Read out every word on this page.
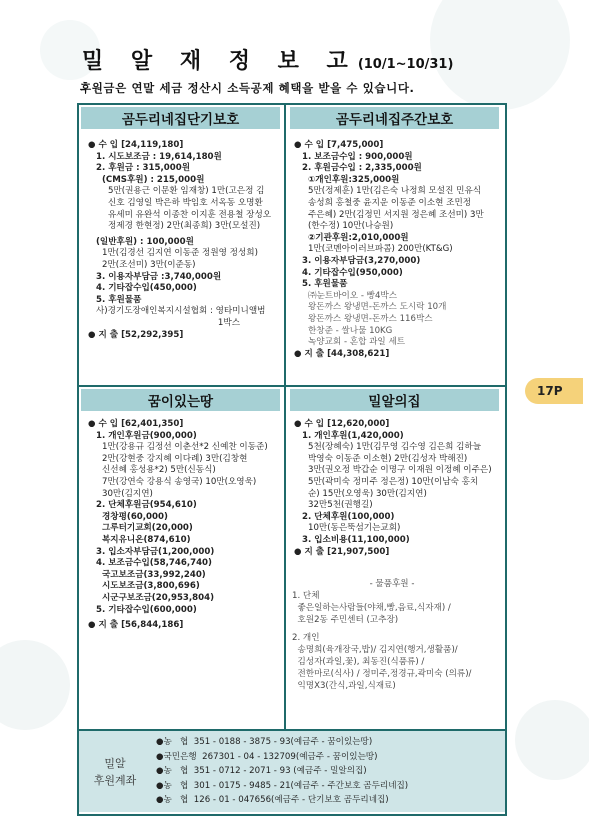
밀 알 재 정 보 고(10/1~10/31)
후원금은 연말 세금 정산시 소득공제 혜택을 받을 수 있습니다.
곰두리네집단기보호	곰두리네집주간보호
꿈이있는땅	밀알의집
● 수 입 [24,119,180]
1. 시도보조금 : 19,614,180원
2. 후원금 : 315,000원
(CMS후원) : 215,000원
5만(권용근 이문환 임재창) 1만(고은정 김
신호 김영일 박은하 박임호 서옥동 오명환
유세미 유완석 이종찬 이지훈 전용철 장성오
정제경 한현정) 2만(최종희) 3만(모설진)
(일반후원) : 100,000원
1만(김경선 김지연 이동준 정원영 정성희)
2만(조선미) 3만(이준동)
3. 이용자부담금 :3,740,000원
4. 기타잡수입(450,000)
5. 후원물품
사)경기도장애인복지시설협회 : 영타미니앨범
1박스
● 지 출 [52,292,395]
● 수 입 [7,475,000]
1. 보조금수입 : 900,000원
2. 후원금수입 : 2,335,000원
①개인후원:325,000원
5만(정제훈) 1만(김은숙 나정희 모설진 민유식
송성희 홍철중 윤지운 이동준 이소현 조민정
주은혜) 2만(김정민 서지원 정은혜 조선미) 3만
(한수정) 10만(나승원)
②기관후원:2,010,000원
1만(코멘아이러브파콤) 200만(KT&G)
3. 이용자부담금(3,270,000)
4. 기타잡수입(950,000)
5. 후원물품
㈜눈트바이오 - 빵4박스
왕돈까스 왕냉면-돈까스 도시락 10개
왕돈까스 왕냉면-돈까스 116박스
한창준 - 쌀나물 10KG
녹양교회 - 혼합 과일 세트
● 지 출 [44,308,621]
● 수 입 [62,401,350]
1. 개인후원금(900,000)
1만(강용규 김정선 이춘선*2 신예찬 이동준)
2만(강현중 강지혜 이다례) 3만(김창현
신선혜 홍성용*2) 5만(신동식)
7만(강연숙 강용식 송영국) 10만(오영욱)
30만(김지연)
2. 단체후원금(954,610)
경창평(60,000)
그루터기교회(20,000)
복지유니온(874,610)
3. 입소자부담금(1,200,000)
4. 보조금수입(58,746,740)
국고보조금(33,992,240)
시도보조금(3,800,696)
시군구보조금(20,953,804)
5. 기타잡수입(600,000)
● 지 출 [56,844,186]
● 수 입 [12,620,000]
1. 개인후원(1,420,000)
5천(장혜숙) 1만(김무영 김수영 김은희 김하늘
박영숙 이동준 이소현) 2만(김성자 박해진)
3만(권오정 박갑순 이명구 이재원 이정혜 이주은)
5만(곽미숙 정미주 정은정) 10만(이남숙 홍치
순) 15만(오영욱) 30만(김지연)
32만5천(권행길)
2. 단체후원(100,000)
10만(동은뚝섬기는교회)
3. 입소비용(11,100,000)
● 지 출 [21,907,500]
- 물품후원 -
1. 단체
좋은일하는사람들(야채,빵,음료,식자재) /
호원2동 주민센터 (고추장)
2. 개인
송명희(육개장국,밥)/ 김지연(행거,생활품)/
김성자(과일,꽃), 최동진(식품류) /
전한마로(식사) / 정미주,정경규,곽미숙 (의류)/
익명X3(간식,과일,식재료)
17P
밀알
후원계좌
●농   협  351 - 0188 - 3875 - 93(예금주 - 꿈이있는땅)
●국민은행  267301 - 04 - 132709(예금주 - 꿈이있는땅)
●농   협  351 - 0712 - 2071 - 93 (예금주 - 밀알의집)
●농   협  301 - 0175 - 9485 - 21(예금주 - 주간보호 곰두리네집)
●농   협  126 - 01 - 047656(예금주 - 단기보호 곰두리네집)
